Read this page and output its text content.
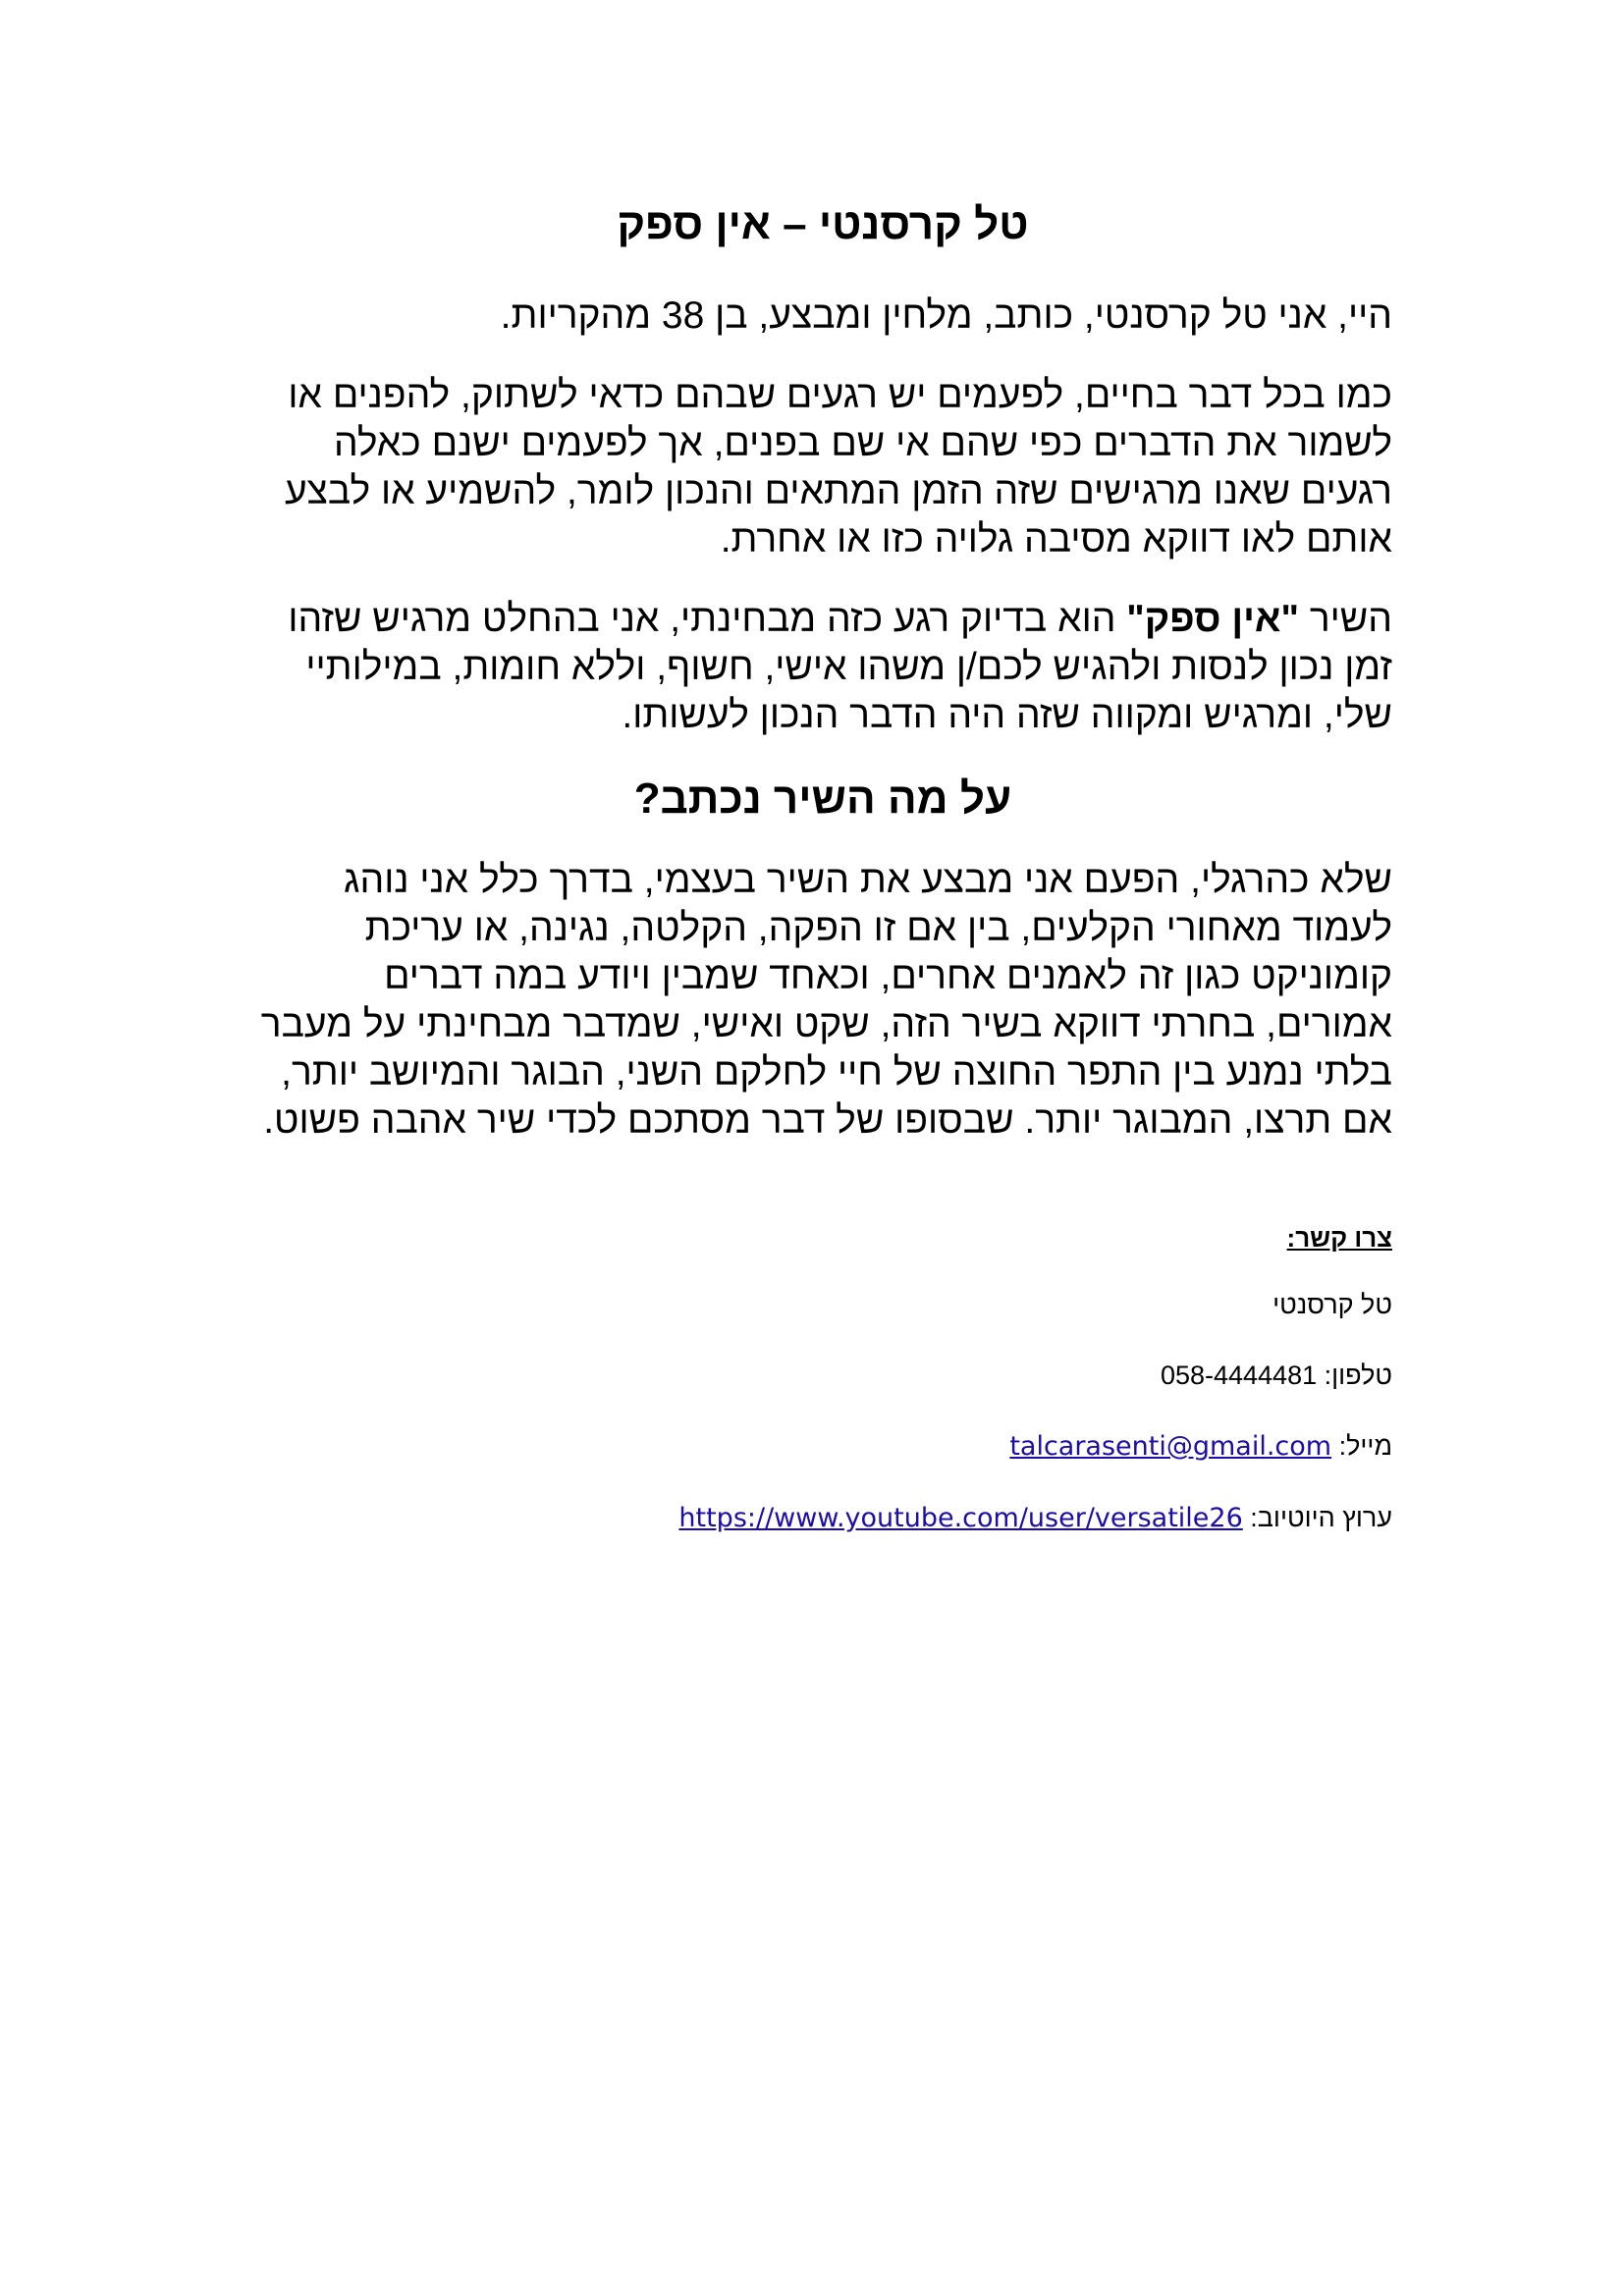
טל קרסנטי – אין ספק

היי, אני טל קרסנטי, כותב, מלחין ומבצע, בן 38 מהקריות.

כמו בכל דבר בחיים, לפעמים יש רגעים שבהם כדאי לשתוק, להפנים או לשמור את הדברים כפי שהם אי שם בפנים, אך לפעמים ישנם כאלה רגעים שאנו מרגישים שזה הזמן המתאים והנכון לומר, להשמיע או לבצע אותם לאו דווקא מסיבה גלויה כזו או אחרת.

השיר "אין ספק" הוא בדיוק רגע כזה מבחינתי, אני בהחלט מרגיש שזהו זמן נכון לנסות ולהגיש לכם/ן משהו אישי, חשוף, וללא חומות, במילותיי שלי, ומרגיש ומקווה שזה היה הדבר הנכון לעשותו.

על מה השיר נכתב?

שלא כהרגלי, הפעם אני מבצע את השיר בעצמי, בדרך כלל אני נוהג לעמוד מאחורי הקלעים, בין אם זו הפקה, הקלטה, נגינה, או עריכת קומוניקט כגון זה לאמנים אחרים, וכאחד שמבין ויודע במה דברים אמורים, בחרתי דווקא בשיר הזה, שקט ואישי, שמדבר מבחינתי על מעבר בלתי נמנע בין התפר החוצה של חיי לחלקם השני, הבוגר והמיושב יותר, אם תרצו, המבוגר יותר. שבסופו של דבר מסתכם לכדי שיר אהבה פשוט.

צרו קשר:

טל קרסנטי

טלפון: 058-4444481

מייל: talcarasenti@gmail.com

ערוץ היוטיוב: https://www.youtube.com/user/versatile26
